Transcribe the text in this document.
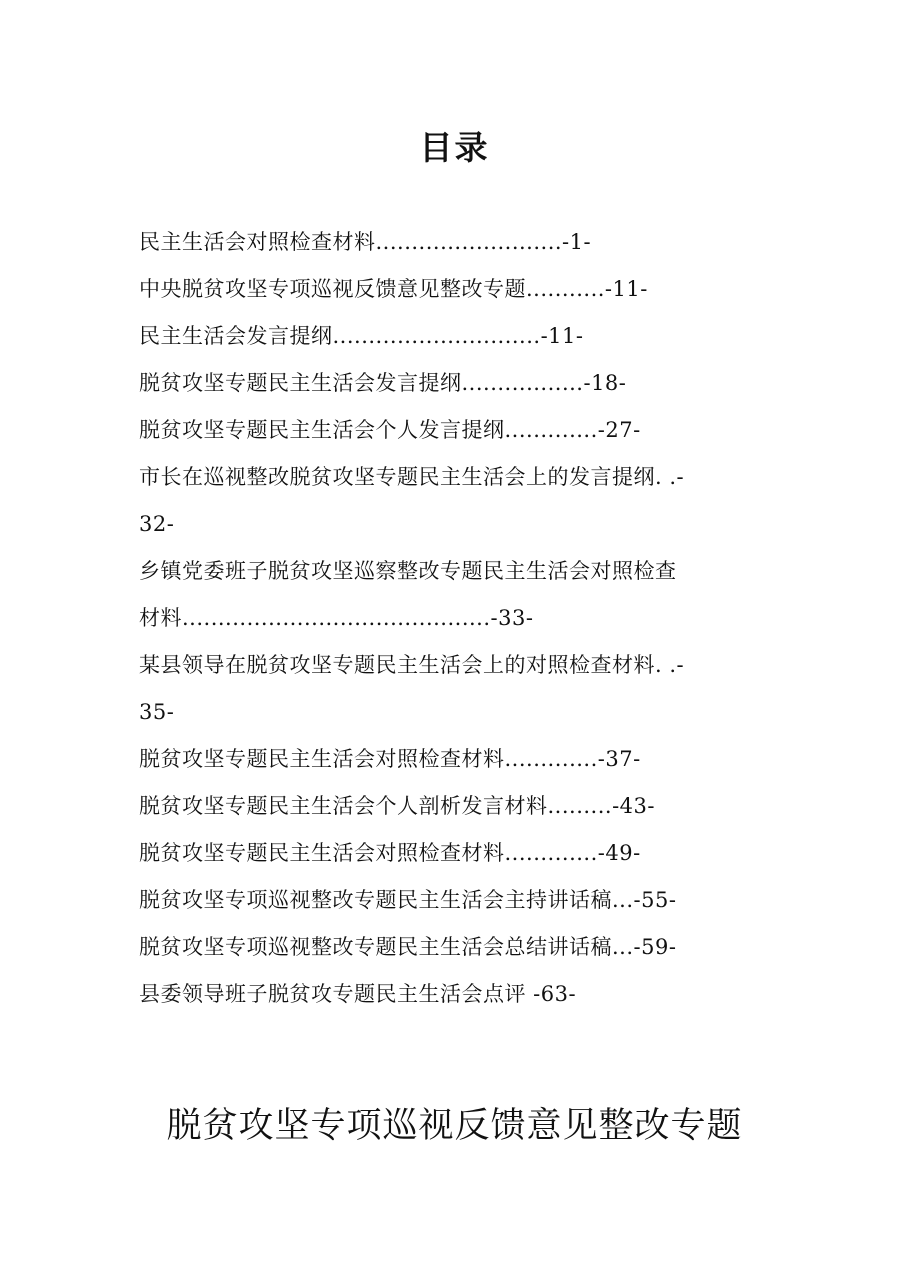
目录
民主生活会对照检查材料..........................-1-
中央脱贫攻坚专项巡视反馈意见整改专题...........-11-
民主生活会发言提纲.............................-11-
脱贫攻坚专题民主生活会发言提纲.................-18-
脱贫攻坚专题民主生活会个人发言提纲.............-27-
市长在巡视整改脱贫攻坚专题民主生活会上的发言提纲. .-
32-
乡镇党委班子脱贫攻坚巡察整改专题民主生活会对照检查
材料...........................................-33-
某县领导在脱贫攻坚专题民主生活会上的对照检查材料. .-
35-
脱贫攻坚专题民主生活会对照检查材料.............-37-
脱贫攻坚专题民主生活会个人剖析发言材料.........-43-
脱贫攻坚专题民主生活会对照检查材料.............-49-
脱贫攻坚专项巡视整改专题民主生活会主持讲话稿...-55-
脱贫攻坚专项巡视整改专题民主生活会总结讲话稿...-59-
县委领导班子脱贫攻专题民主生活会点评 -63-
脱贫攻坚专项巡视反馈意见整改专题
